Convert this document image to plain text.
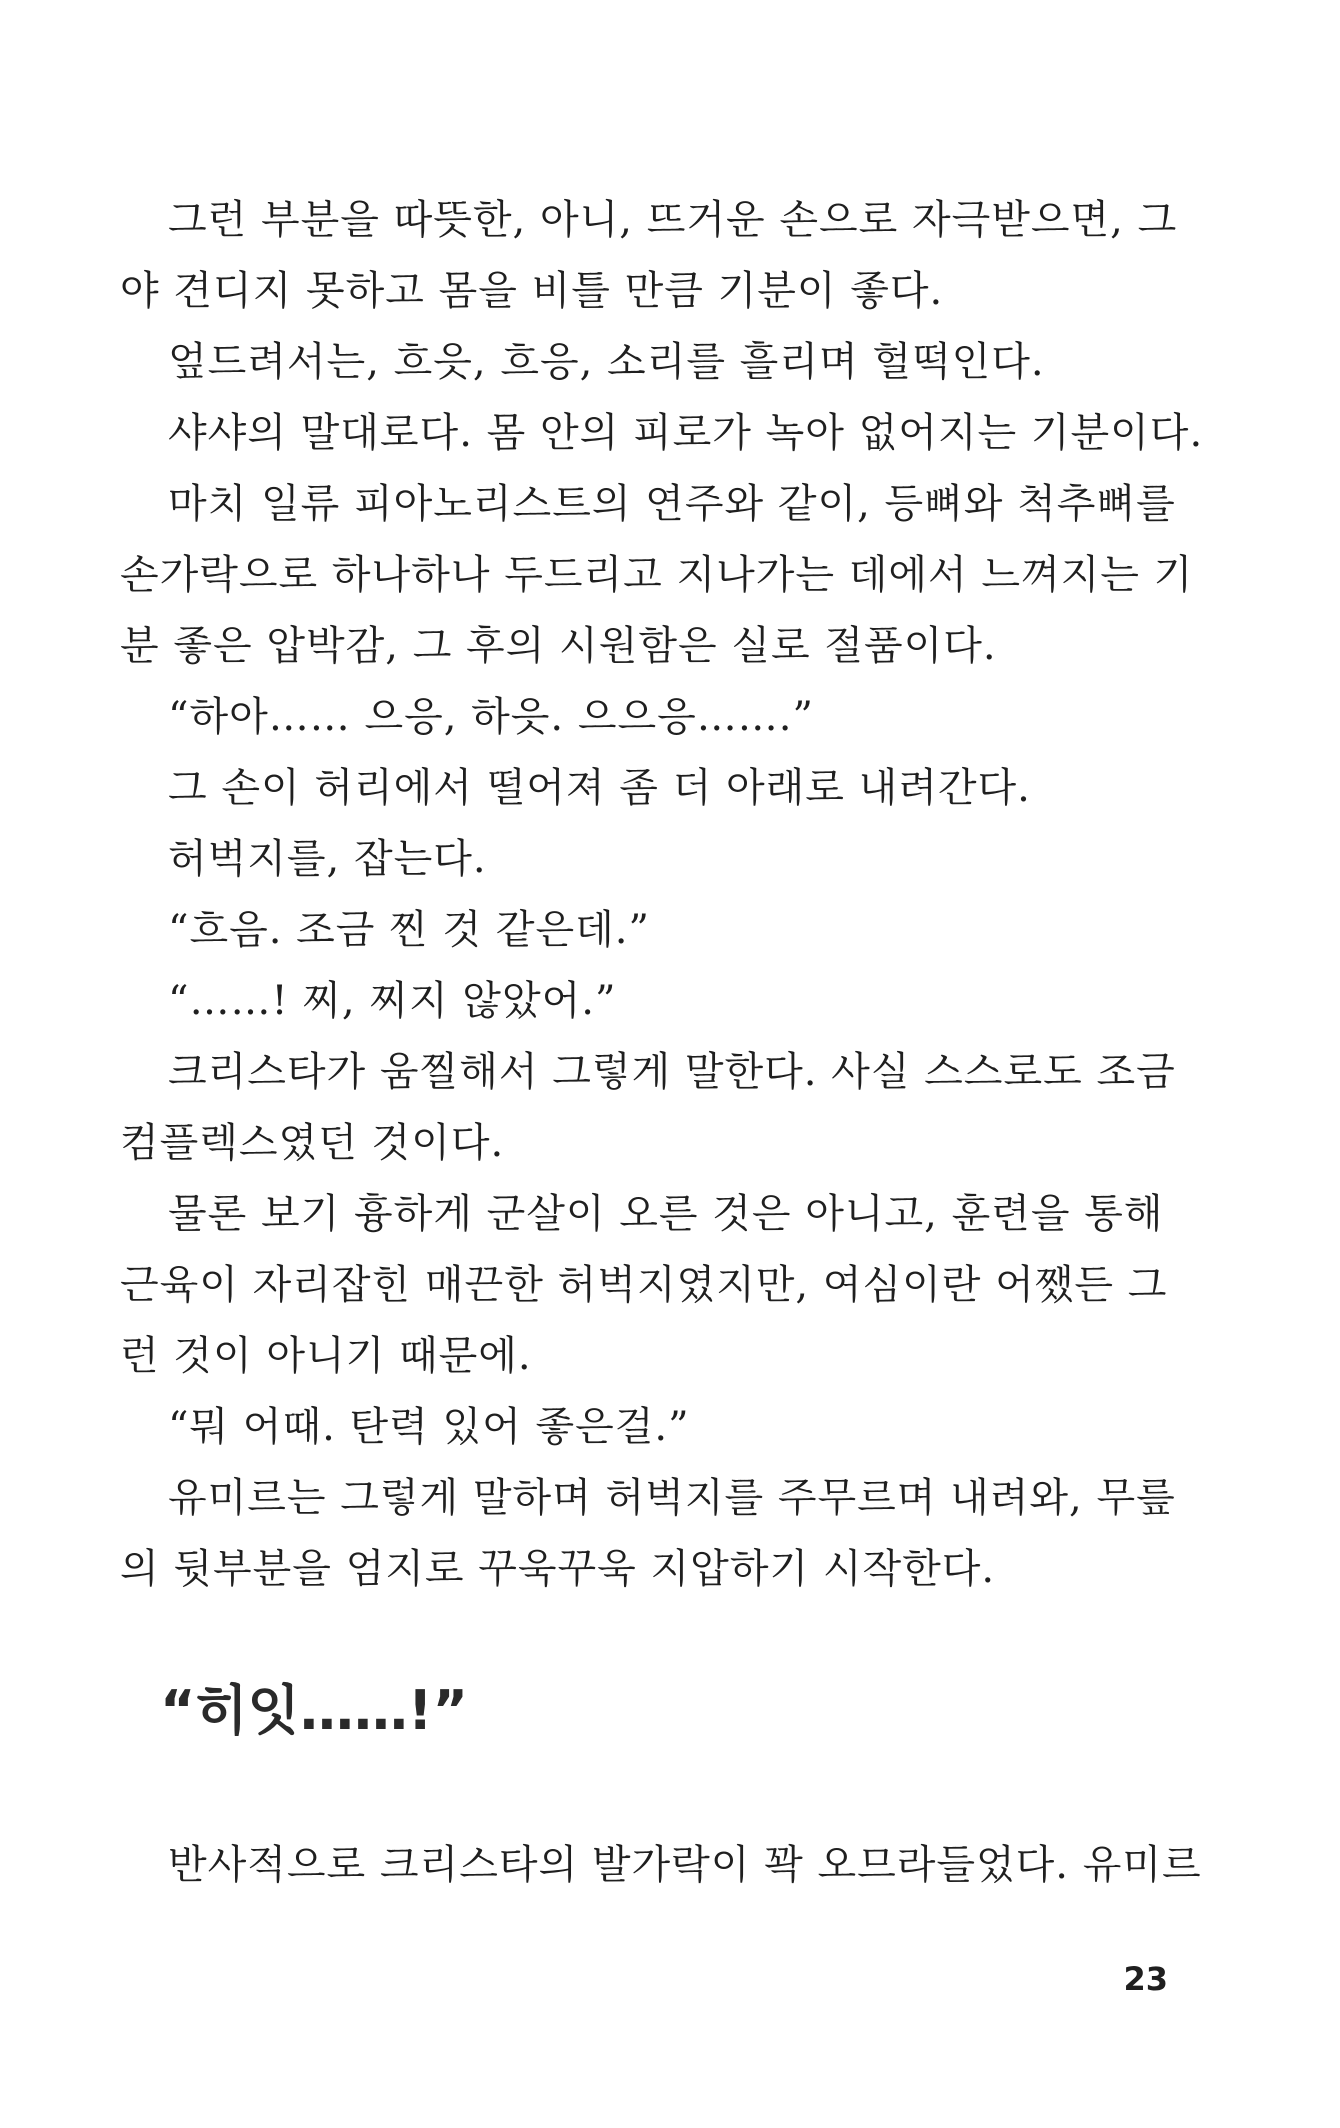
그런 부분을 따뜻한, 아니, 뜨거운 손으로 자극받으면, 그
야 견디지 못하고 몸을 비틀 만큼 기분이 좋다.
엎드려서는, 흐읏, 흐응, 소리를 흘리며 헐떡인다.
샤샤의 말대로다. 몸 안의 피로가 녹아 없어지는 기분이다.
마치 일류 피아노리스트의 연주와 같이, 등뼈와 척추뼈를
손가락으로 하나하나 두드리고 지나가는 데에서 느껴지는 기
분 좋은 압박감, 그 후의 시원함은 실로 절품이다.
“하아…… 으응, 하읏. 으으응…….”
그 손이 허리에서 떨어져 좀 더 아래로 내려간다.
허벅지를, 잡는다.
“흐음. 조금 찐 것 같은데.”
“……! 찌, 찌지 않았어.”
크리스타가 움찔해서 그렇게 말한다. 사실 스스로도 조금
컴플렉스였던 것이다.
물론 보기 흉하게 군살이 오른 것은 아니고, 훈련을 통해
근육이 자리잡힌 매끈한 허벅지였지만, 여심이란 어쨌든 그
런 것이 아니기 때문에.
“뭐 어때. 탄력 있어 좋은걸.”
유미르는 그렇게 말하며 허벅지를 주무르며 내려와, 무릎
의 뒷부분을 엄지로 꾸욱꾸욱 지압하기 시작한다.
“히잇……!”
반사적으로 크리스타의 발가락이 꽉 오므라들었다. 유미르
23
